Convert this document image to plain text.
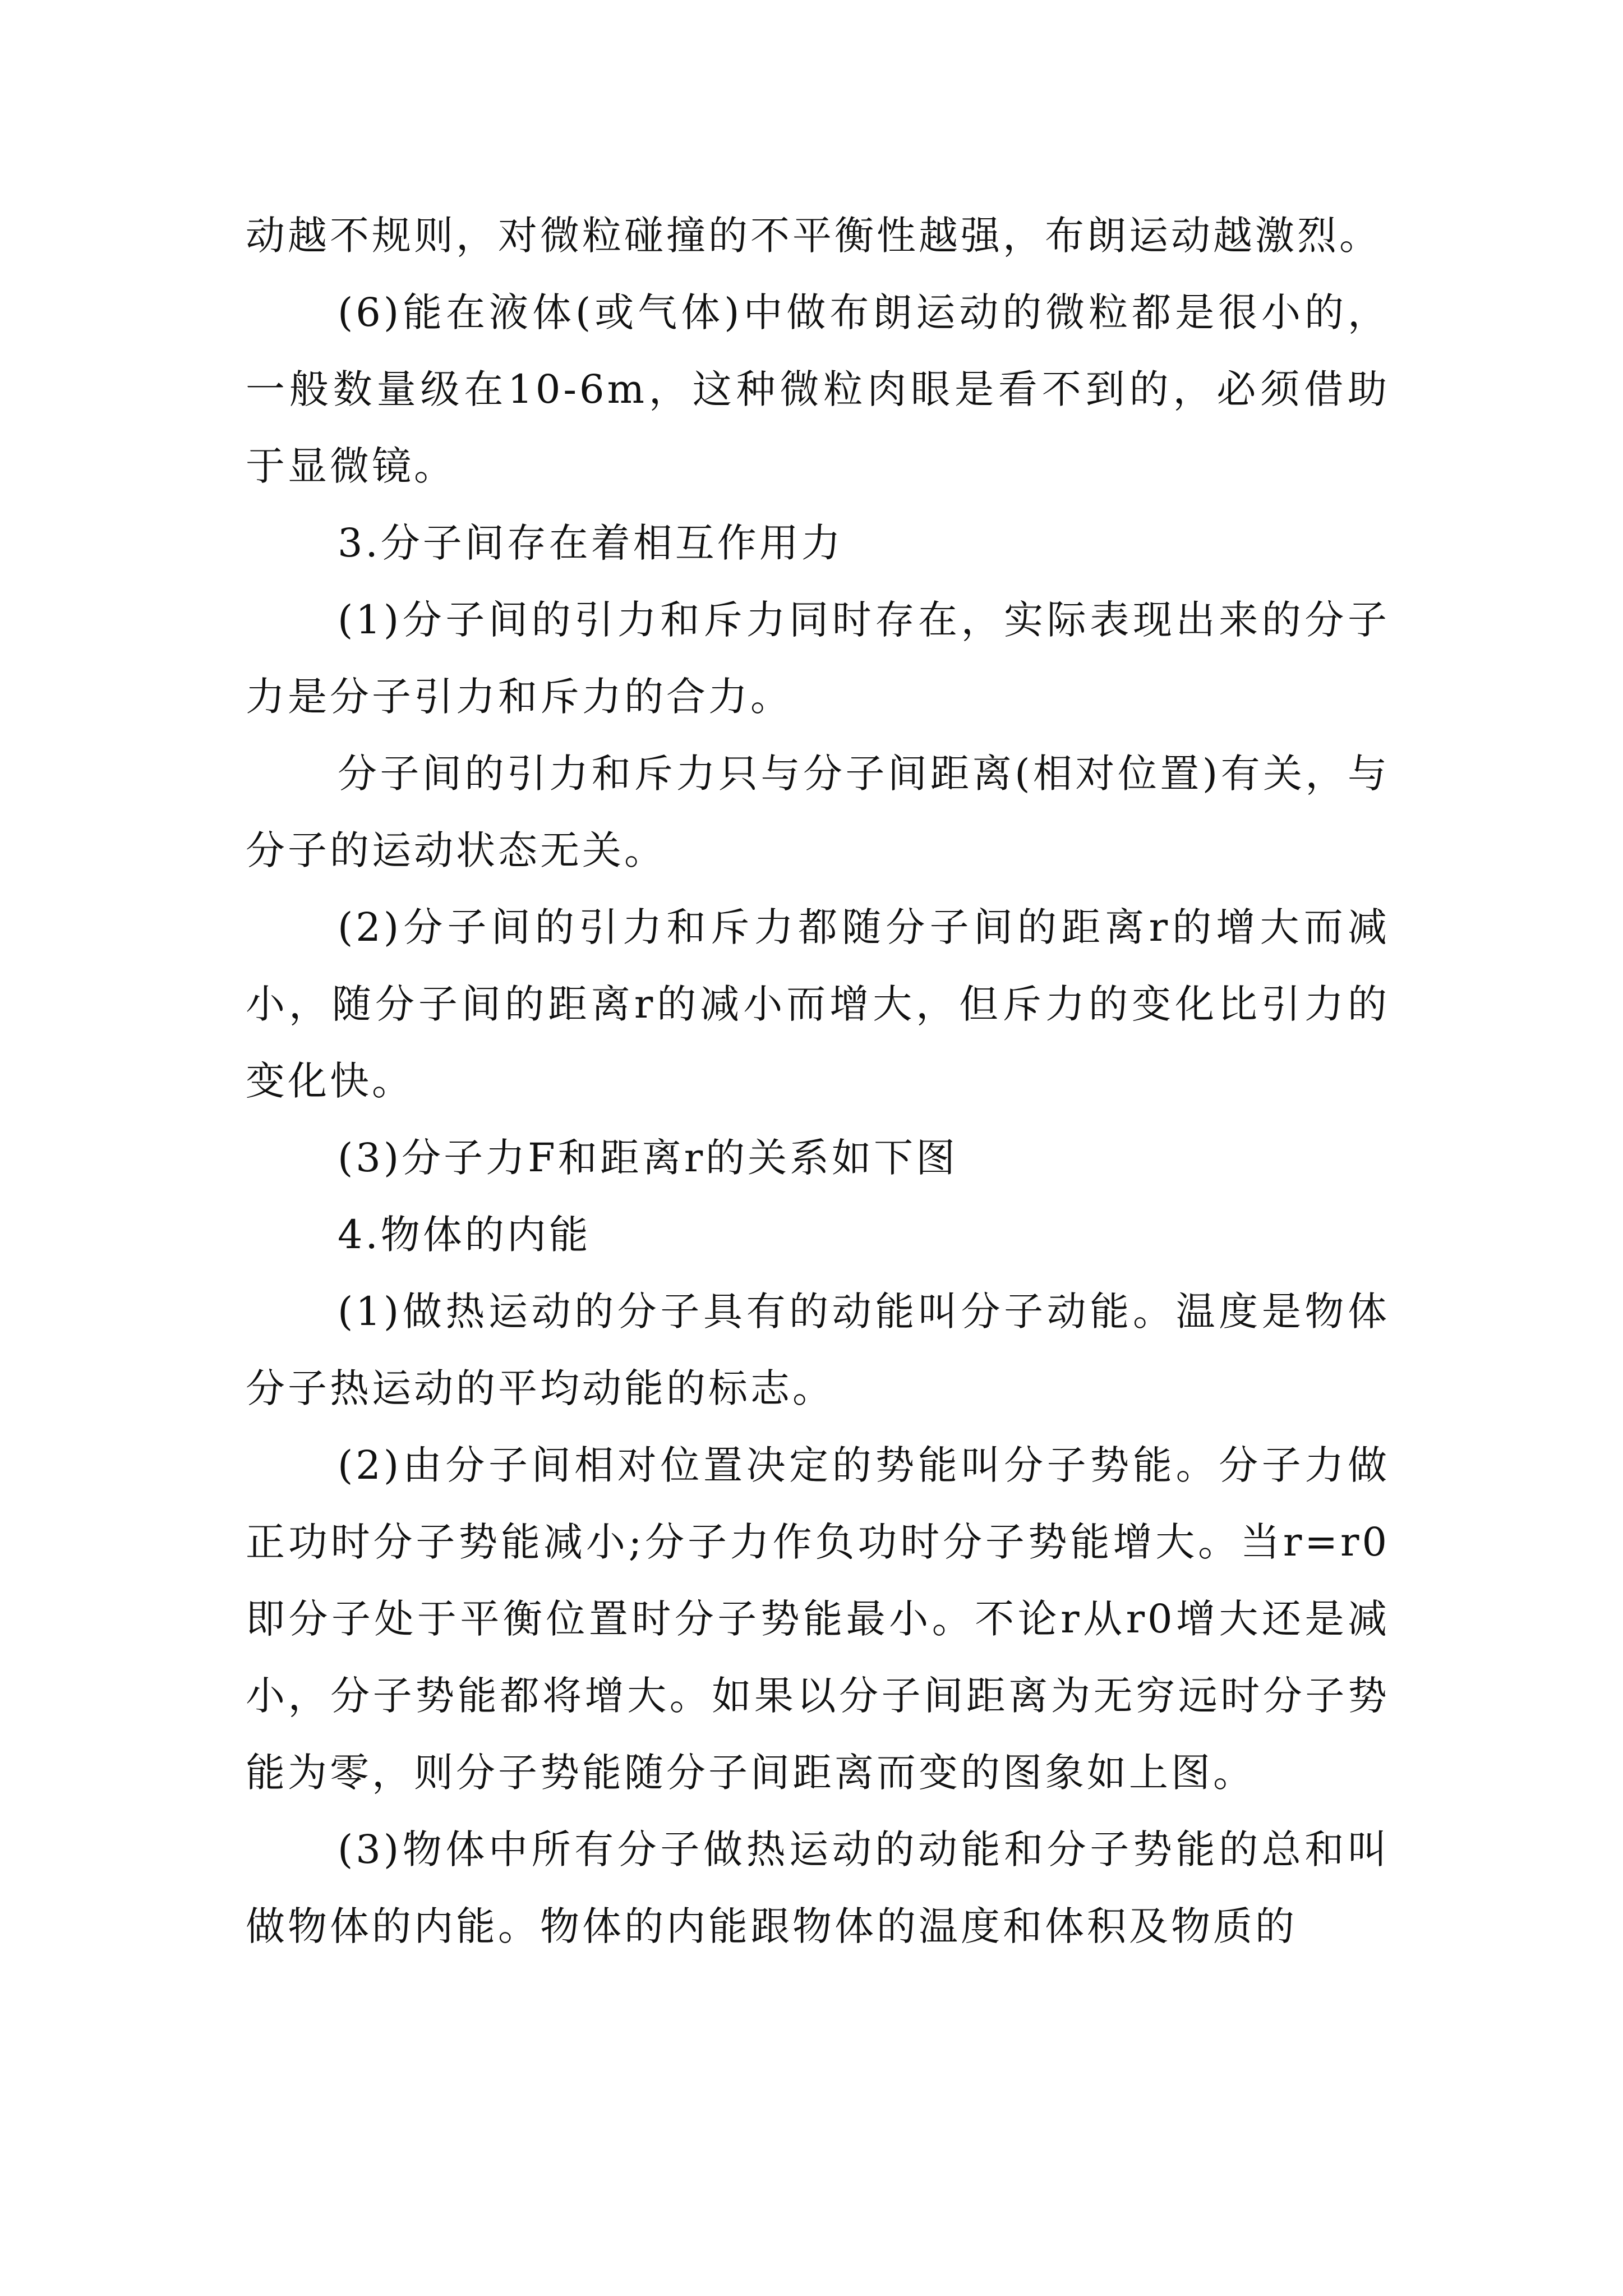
动越不规则，对微粒碰撞的不平衡性越强，布朗运动越激烈。

(6)能在液体(或气体)中做布朗运动的微粒都是很小的，一般数量级在10-6m，这种微粒肉眼是看不到的，必须借助于显微镜。

3.分子间存在着相互作用力

(1)分子间的引力和斥力同时存在，实际表现出来的分子力是分子引力和斥力的合力。

分子间的引力和斥力只与分子间距离(相对位置)有关，与分子的运动状态无关。

(2)分子间的引力和斥力都随分子间的距离r的增大而减小，随分子间的距离r的减小而增大，但斥力的变化比引力的变化快。

(3)分子力F和距离r的关系如下图

4.物体的内能

(1)做热运动的分子具有的动能叫分子动能。温度是物体分子热运动的平均动能的标志。

(2)由分子间相对位置决定的势能叫分子势能。分子力做正功时分子势能减小;分子力作负功时分子势能增大。当r=r0即分子处于平衡位置时分子势能最小。不论r从r0增大还是减小，分子势能都将增大。如果以分子间距离为无穷远时分子势能为零，则分子势能随分子间距离而变的图象如上图。

(3)物体中所有分子做热运动的动能和分子势能的总和叫做物体的内能。物体的内能跟物体的温度和体积及物质的
